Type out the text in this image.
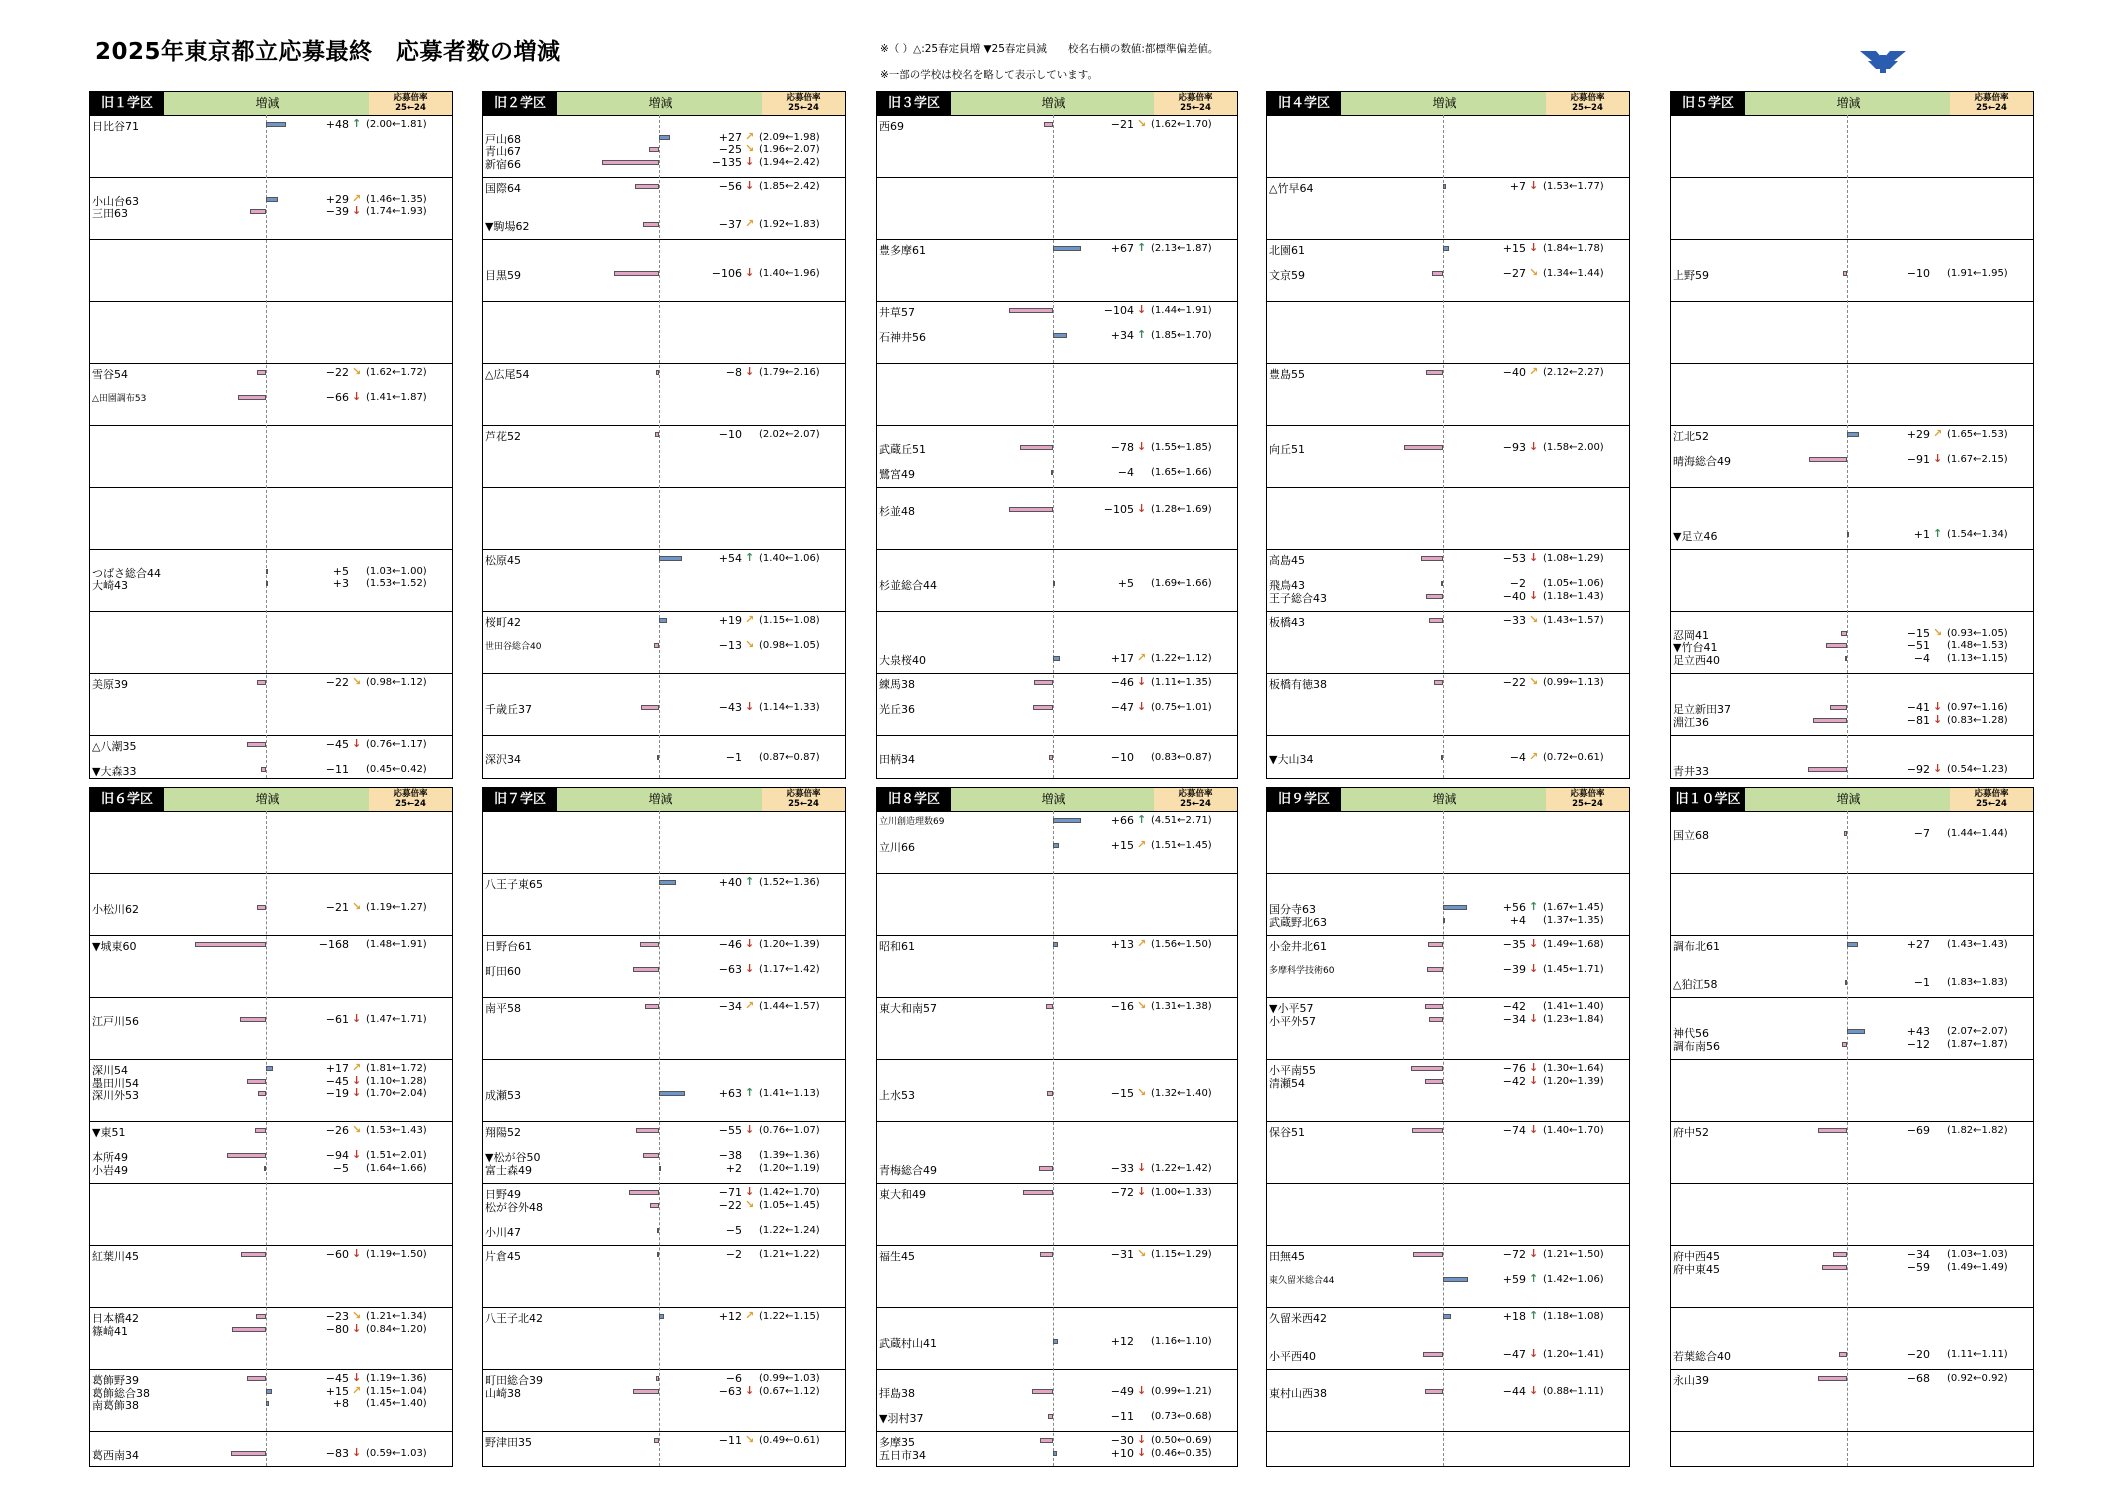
2025年東京都立応募最終　応募者数の増減	※（ ）△:25春定員増 ▼25春定員減　　校名右横の数値:都標準偏差値。
※一部の学校は校名を略して表示しています。
旧１学区	増減	応募倍率
25←24
日比谷71	+48 ↑ (2.00←1.81)
小山台63	+29 ↗ (1.46←1.35)
三田63	−39 ↓ (1.74←1.93)
雪谷54	−22 ↘ (1.62←1.72)
△田園調布53	−66 ↓ (1.41←1.87)
つばさ総合44	+5 (1.03←1.00)
大崎43	+3 (1.53←1.52)
美原39	−22 ↘ (0.98←1.12)
△八潮35	−45 ↓ (0.76←1.17)
▼大森33	−11 (0.45←0.42)
旧２学区	増減	応募倍率
25←24
戸山68	+27 ↗ (2.09←1.98)
青山67	−25 ↘ (1.96←2.07)
新宿66	−135 ↓ (1.94←2.42)
国際64	−56 ↓ (1.85←2.42)
▼駒場62	−37 ↗ (1.92←1.83)
目黒59	−106 ↓ (1.40←1.96)
△広尾54	−8 ↓ (1.79←2.16)
芦花52	−10 (2.02←2.07)
松原45	+54 ↑ (1.40←1.06)
桜町42	+19 ↗ (1.15←1.08)
世田谷総合40	−13 ↘ (0.98←1.05)
千歳丘37	−43 ↓ (1.14←1.33)
深沢34	−1 (0.87←0.87)
旧３学区	増減	応募倍率
25←24
西69	−21 ↘ (1.62←1.70)
豊多摩61	+67 ↑ (2.13←1.87)
井草57	−104 ↓ (1.44←1.91)
石神井56	+34 ↑ (1.85←1.70)
武蔵丘51	−78 ↓ (1.55←1.85)
鷺宮49	−4 (1.65←1.66)
杉並48	−105 ↓ (1.28←1.69)
杉並総合44	+5 (1.69←1.66)
大泉桜40	+17 ↗ (1.22←1.12)
練馬38	−46 ↓ (1.11←1.35)
光丘36	−47 ↓ (0.75←1.01)
田柄34	−10 (0.83←0.87)
旧４学区	増減	応募倍率
25←24
△竹早64	+7 ↓ (1.53←1.77)
北園61	+15 ↓ (1.84←1.78)
文京59	−27 ↘ (1.34←1.44)
豊島55	−40 ↗ (2.12←2.27)
向丘51	−93 ↓ (1.58←2.00)
高島45	−53 ↓ (1.08←1.29)
飛鳥43	−2 (1.05←1.06)
王子総合43	−40 ↓ (1.18←1.43)
板橋43	−33 ↘ (1.43←1.57)
板橋有徳38	−22 ↘ (0.99←1.13)
▼大山34	−4 ↗ (0.72←0.61)
旧５学区	増減	応募倍率
25←24
上野59	−10 (1.91←1.95)
江北52	+29 ↗ (1.65←1.53)
晴海総合49	−91 ↓ (1.67←2.15)
▼足立46	+1 ↑ (1.54←1.34)
忍岡41	−15 ↘ (0.93←1.05)
▼竹台41	−51 (1.48←1.53)
足立西40	−4 (1.13←1.15)
足立新田37	−41 ↓ (0.97←1.16)
淵江36	−81 ↓ (0.83←1.28)
青井33	−92 ↓ (0.54←1.23)
旧６学区	増減	応募倍率
25←24
小松川62	−21 ↘ (1.19←1.27)
▼城東60	−168 (1.48←1.91)
江戸川56	−61 ↓ (1.47←1.71)
深川54	+17 ↗ (1.81←1.72)
墨田川54	−45 ↓ (1.10←1.28)
深川外53	−19 ↓ (1.70←2.04)
▼東51	−26 ↘ (1.53←1.43)
本所49	−94 ↓ (1.51←2.01)
小岩49	−5 (1.64←1.66)
紅葉川45	−60 ↓ (1.19←1.50)
日本橋42	−23 ↘ (1.21←1.34)
篠崎41	−80 ↓ (0.84←1.20)
葛飾野39	−45 ↓ (1.19←1.36)
葛飾総合38	+15 ↗ (1.15←1.04)
南葛飾38	+8 (1.45←1.40)
葛西南34	−83 ↓ (0.59←1.03)
旧７学区	増減	応募倍率
25←24
八王子東65	+40 ↑ (1.52←1.36)
日野台61	−46 ↓ (1.20←1.39)
町田60	−63 ↓ (1.17←1.42)
南平58	−34 ↗ (1.44←1.57)
成瀬53	+63 ↑ (1.41←1.13)
翔陽52	−55 ↓ (0.76←1.07)
▼松が谷50	−38 (1.39←1.36)
富士森49	+2 (1.20←1.19)
日野49	−71 ↓ (1.42←1.70)
松が谷外48	−22 ↘ (1.05←1.45)
小川47	−5 (1.22←1.24)
片倉45	−2 (1.21←1.22)
八王子北42	+12 ↗ (1.22←1.15)
町田総合39	−6 (0.99←1.03)
山崎38	−63 ↓ (0.67←1.12)
野津田35	−11 ↘ (0.49←0.61)
旧８学区	増減	応募倍率
25←24
立川創造理数69	+66 ↑ (4.51←2.71)
立川66	+15 ↗ (1.51←1.45)
昭和61	+13 ↗ (1.56←1.50)
東大和南57	−16 ↘ (1.31←1.38)
上水53	−15 ↘ (1.32←1.40)
青梅総合49	−33 ↓ (1.22←1.42)
東大和49	−72 ↓ (1.00←1.33)
福生45	−31 ↘ (1.15←1.29)
武蔵村山41	+12 (1.16←1.10)
拝島38	−49 ↓ (0.99←1.21)
▼羽村37	−11 (0.73←0.68)
多摩35	−30 ↓ (0.50←0.69)
五日市34	+10 ↓ (0.46←0.35)
旧９学区	増減	応募倍率
25←24
国分寺63	+56 ↑ (1.67←1.45)
武蔵野北63	+4 (1.37←1.35)
小金井北61	−35 ↓ (1.49←1.68)
多摩科学技術60	−39 ↓ (1.45←1.71)
▼小平57	−42 (1.41←1.40)
小平外57	−34 ↓ (1.23←1.84)
小平南55	−76 ↓ (1.30←1.64)
清瀬54	−42 ↓ (1.20←1.39)
保谷51	−74 ↓ (1.40←1.70)
田無45	−72 ↓ (1.21←1.50)
東久留米総合44	+59 ↑ (1.42←1.06)
久留米西42	+18 ↑ (1.18←1.08)
小平西40	−47 ↓ (1.20←1.41)
東村山西38	−44 ↓ (0.88←1.11)
旧１０学区	増減	応募倍率
25←24
国立68	−7 (1.44←1.44)
調布北61	+27 (1.43←1.43)
△狛江58	−1 (1.83←1.83)
神代56	+43 (2.07←2.07)
調布南56	−12 (1.87←1.87)
府中52	−69 (1.82←1.82)
府中西45	−34 (1.03←1.03)
府中東45	−59 (1.49←1.49)
若葉総合40	−20 (1.11←1.11)
永山39	−68 (0.92←0.92)
